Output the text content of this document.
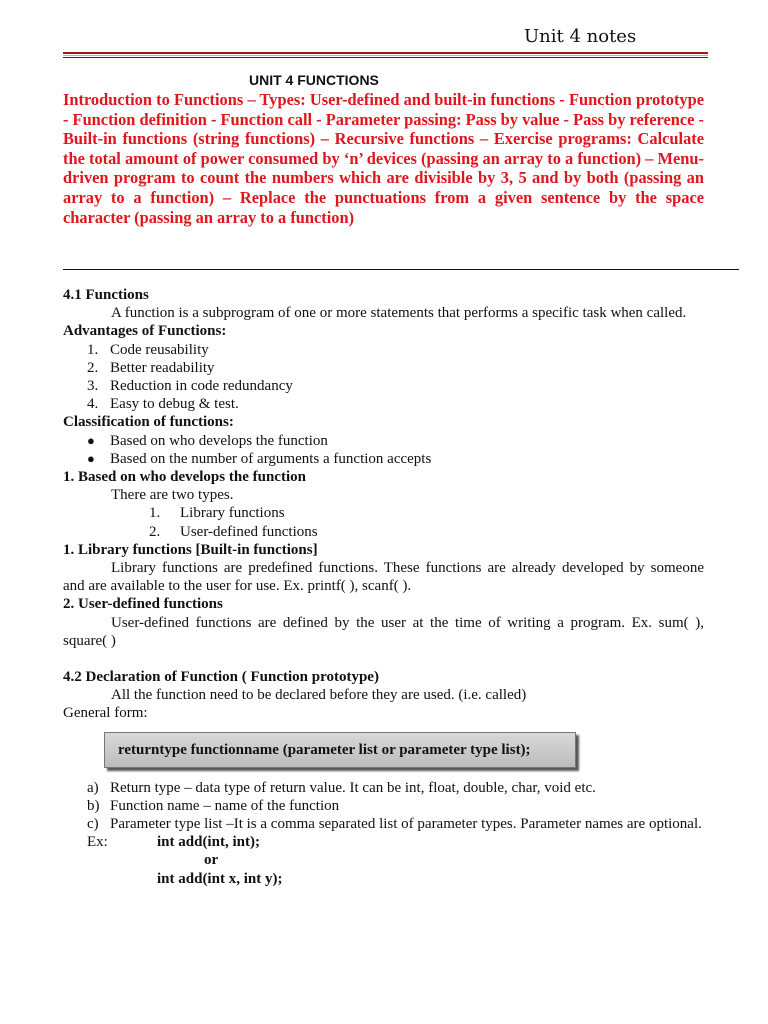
Unit 4 notes
UNIT 4 FUNCTIONS
Introduction to Functions – Types: User-defined and built-in functions - Function prototype - Function definition - Function call - Parameter passing: Pass by value - Pass by reference - Built-in functions (string functions) – Recursive functions – Exercise programs: Calculate the total amount of power consumed by ‘n’ devices (passing an array to a function) – Menu-driven program to count the numbers which are divisible by 3, 5 and by both (passing an array to a function) – Replace the punctuations from a given sentence by the space character (passing an array to a function)

4.1 Functions

A function is a subprogram of one or more statements that performs a specific task when called.

Advantages of Functions:

1. Code reusability
2. Better readability
3. Reduction in code redundancy
4. Easy to debug & test.

Classification of functions:

●	Based on who develops the function
●	Based on the number of arguments a function accepts

1. Based on who develops the function

There are two types.

1.	Library functions
2.	User-defined functions

1. Library functions [Built-in functions]

Library functions are predefined functions. These functions are already developed by someone and are available to the user for use. Ex. printf( ), scanf( ).

2. User-defined functions

User-defined functions are defined by the user at the time of writing a program. Ex. sum( ), square( )

4.2 Declaration of Function ( Function prototype)

All the function need to be declared before they are used. (i.e. called)

General form:

returntype functionname (parameter list or parameter type list);
a) Return type – data type of return value. It can be int, float, double, char, void etc.
b) Function name – name of the function
c) Parameter type list –It is a comma separated list of parameter types. Parameter names are optional.
Ex:	int add(int, int);

or

int add(int x, int y);
